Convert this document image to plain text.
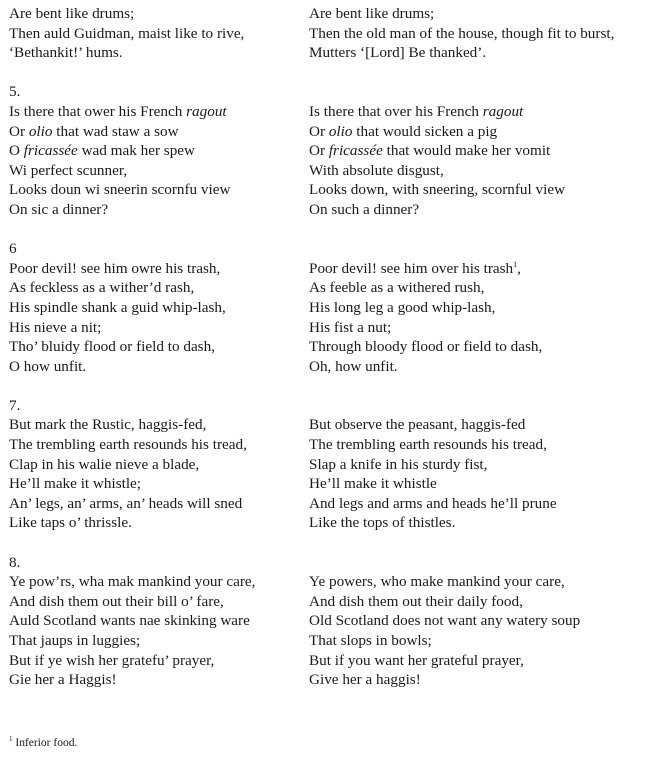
Are bent like drums;
Then auld Guidman, maist like to rive,
‘Bethankit!’ hums.
5.
Is there that ower his French ragout
Or olio that wad staw a sow
O fricassée wad mak her spew
Wi perfect scunner,
Looks doun wi sneerin scornfu view
On sic a dinner?
6
Poor devil! see him owre his trash,
As feckless as a wither’d rash,
His spindle shank a guid whip-lash,
His nieve a nit;
Tho’ bluidy flood or field to dash,
O how unfit.
7.
But mark the Rustic, haggis-fed,
The trembling earth resounds his tread,
Clap in his walie nieve a blade,
He’ll make it whistle;
An’ legs, an’ arms, an’ heads will sned
Like taps o’ thrissle.
8.
Ye pow’rs, wha mak mankind your care,
And dish them out their bill o’ fare,
Auld Scotland wants nae skinking ware
That jaups in luggies;
But if ye wish her gratefu’ prayer,
Gie her a Haggis!
Are bent like drums;
Then the old man of the house, though fit to burst,
Mutters ‘[Lord] Be thanked’.

Is there that over his French ragout
Or olio that would sicken a pig
Or fricassée that would make her vomit
With absolute disgust,
Looks down, with sneering, scornful view
On such a dinner?

Poor devil! see him over his trash$^1$,
As feeble as a withered rush,
His long leg a good whip-lash,
His fist a nut;
Through bloody flood or field to dash,
Oh, how unfit.

But observe the peasant, haggis-fed
The trembling earth resounds his tread,
Slap a knife in his sturdy fist,
He’ll make it whistle
And legs and arms and heads he’ll prune
Like the tops of thistles.

Ye powers, who make mankind your care,
And dish them out their daily food,
Old Scotland does not want any watery soup
That slops in bowls;
But if you want her grateful prayer,
Give her a haggis!
$^1$ Inferior food.
